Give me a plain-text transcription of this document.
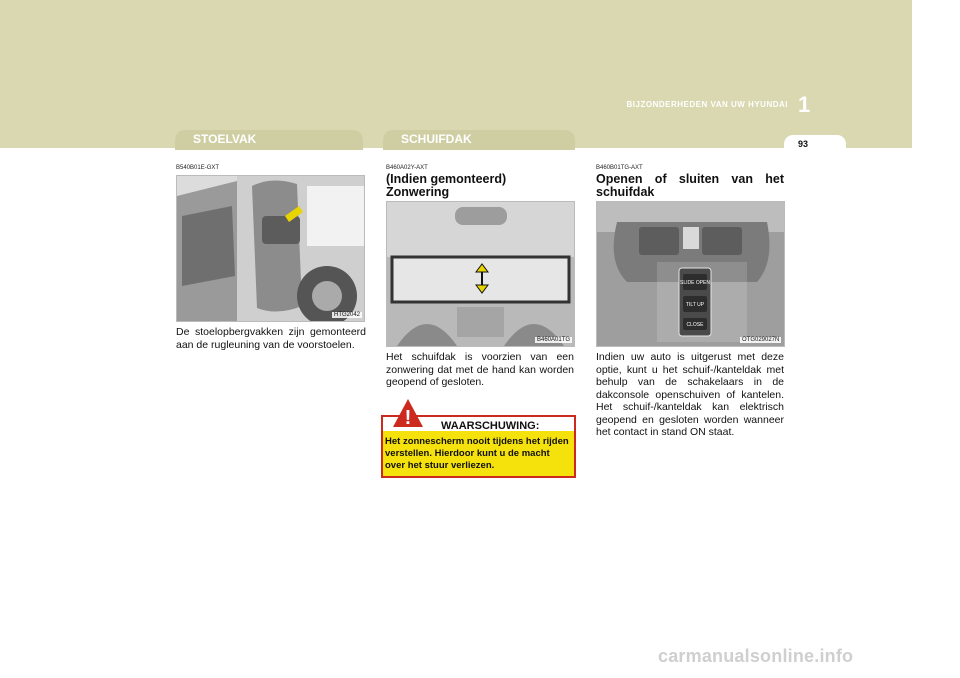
BIJZONDERHEDEN VAN UW HYUNDAI 1
93
STOELVAK	SCHUIFDAK
B540B01E-GXT
HTG2042
De stoelopbergvakken zijn gemonteerd aan de rugleuning van de voorstoelen.
B460A02Y-AXT
(Indien gemonteerd)
Zonwering
B460A01TG
Het schuifdak is voorzien van een zonwering dat met de hand kan worden geopend of gesloten.
WAARSCHUWING:
Het zonnescherm nooit tijdens het rijden verstellen. Hierdoor kunt u de macht over het stuur verliezen.
!
B460B01TG-AXT
Openen of sluiten van het schuifdak
SLIDE OPEN
TILT UP
CLOSE
OTG029027N
Indien uw auto is uitgerust met deze optie, kunt u het schuif-/kanteldak met behulp van de schakelaars in de dakconsole openschuiven of kantelen. Het schuif-/kanteldak kan elektrisch geopend en gesloten worden wanneer het contact in stand ON staat.
carmanualsonline.info
